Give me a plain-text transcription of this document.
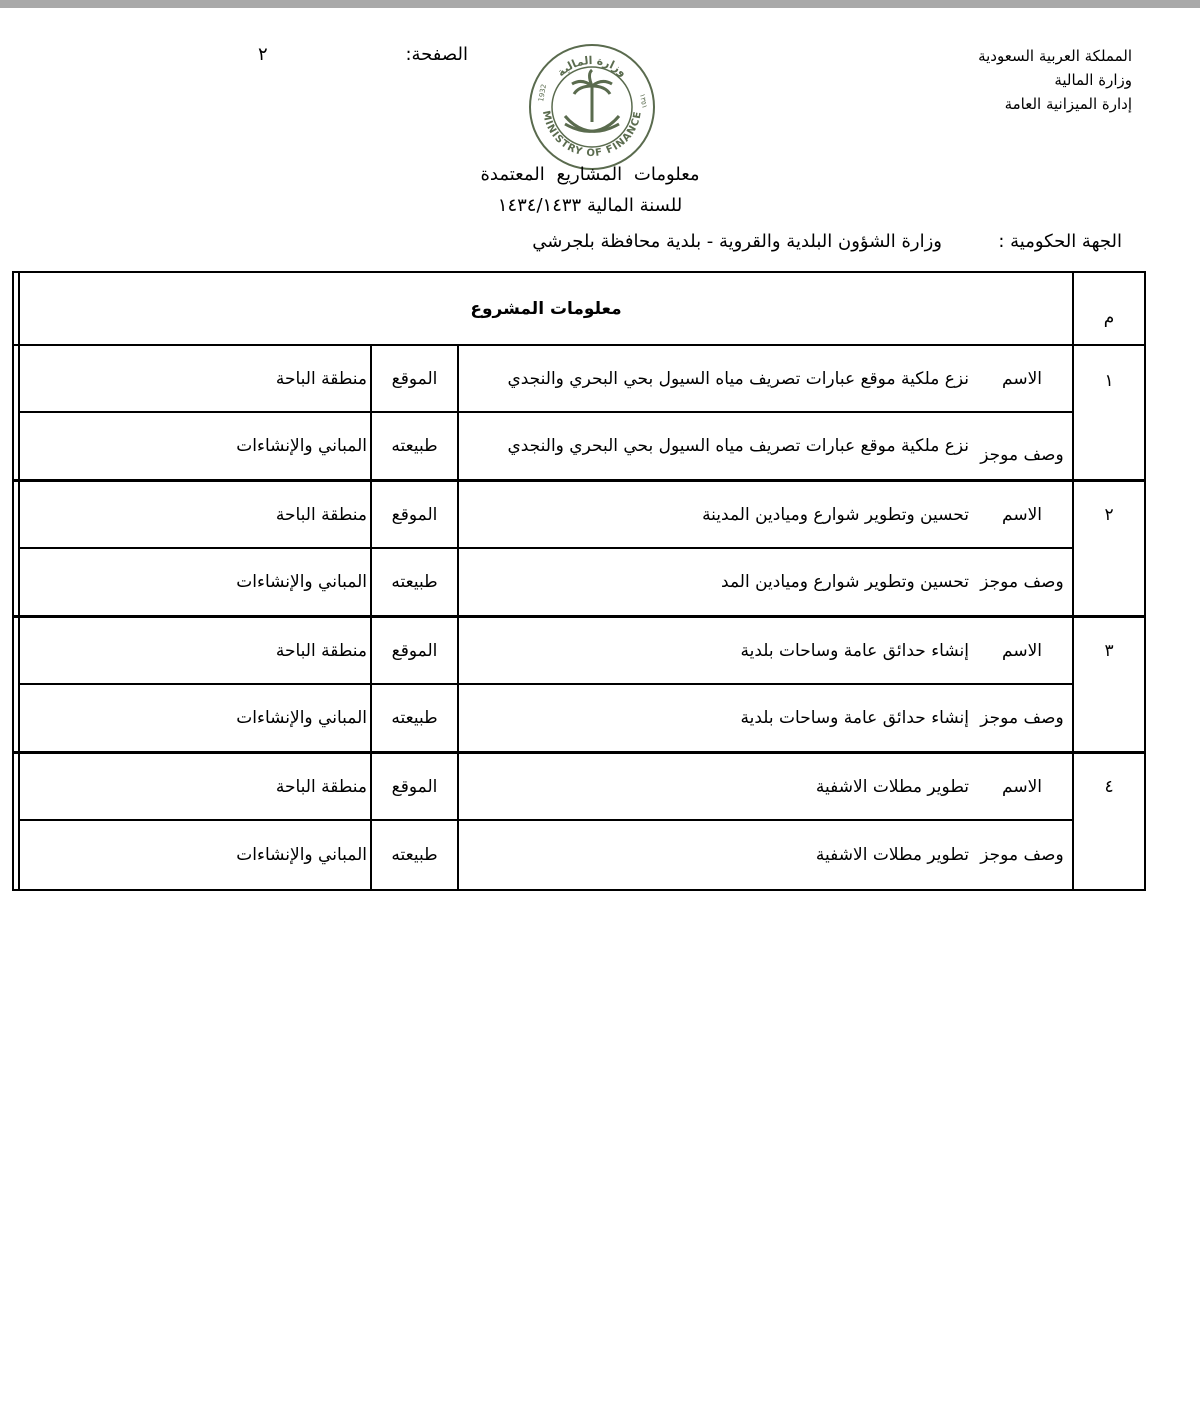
المملكة العربية السعودية
وزارة المالية
إدارة الميزانية العامة
الصفحة:
٢
وزارة المالية
MINISTRY OF FINANCE
1932	١٣٥١
معلومات المشاريع المعتمدة
للسنة المالية ١٤٣٤/١٤٣٣
الجهة الحكومية :
وزارة الشؤون البلدية والقروية - بلدية محافظة بلجرشي
م
معلومات المشروع
١
الاسم
نزع ملكية موقع عبارات تصريف مياه السيول بحي البحري والنجدي
الموقع
منطقة الباحة
وصف موجز
نزع ملكية موقع عبارات تصريف مياه السيول بحي البحري والنجدي
طبيعته
المباني والإنشاءات
٢
الاسم
تحسين وتطوير شوارع وميادين المدينة
الموقع
منطقة الباحة
وصف موجز
تحسين وتطوير شوارع وميادين المد
طبيعته
المباني والإنشاءات
٣
الاسم
إنشاء حدائق عامة وساحات بلدية
الموقع
منطقة الباحة
وصف موجز
إنشاء حدائق عامة وساحات بلدية
طبيعته
المباني والإنشاءات
٤
الاسم
تطوير مطلات الاشفية
الموقع
منطقة الباحة
وصف موجز
تطوير مطلات الاشفية
طبيعته
المباني والإنشاءات
